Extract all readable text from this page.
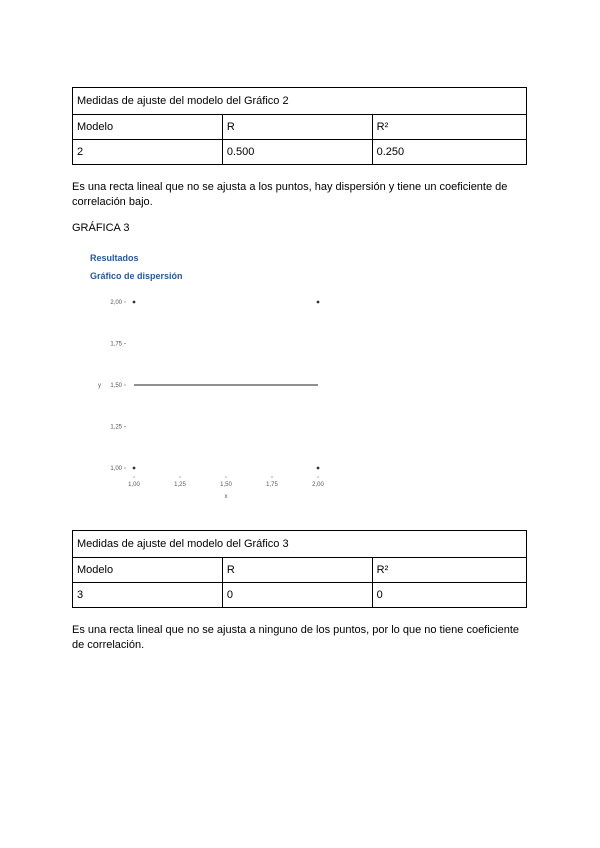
Medidas de ajuste del modelo del Gráfico 2		
Modelo	R	R²
2	0.500	0.250

Es una recta lineal que no se ajusta a los puntos, hay dispersión y tiene un coeficiente de correlación bajo.

GRÁFICA 3

Resultados

Gráfico de dispersión

2,00
1,75
1,50
1,25
1,00
1,00	1,25	1,50	1,75	2,00
x
y
Medidas de ajuste del modelo del Gráfico 3		
Modelo	R	R²
3	0	0

Es una recta lineal que no se ajusta a ninguno de los puntos, por lo que no tiene coeficiente de correlación.
